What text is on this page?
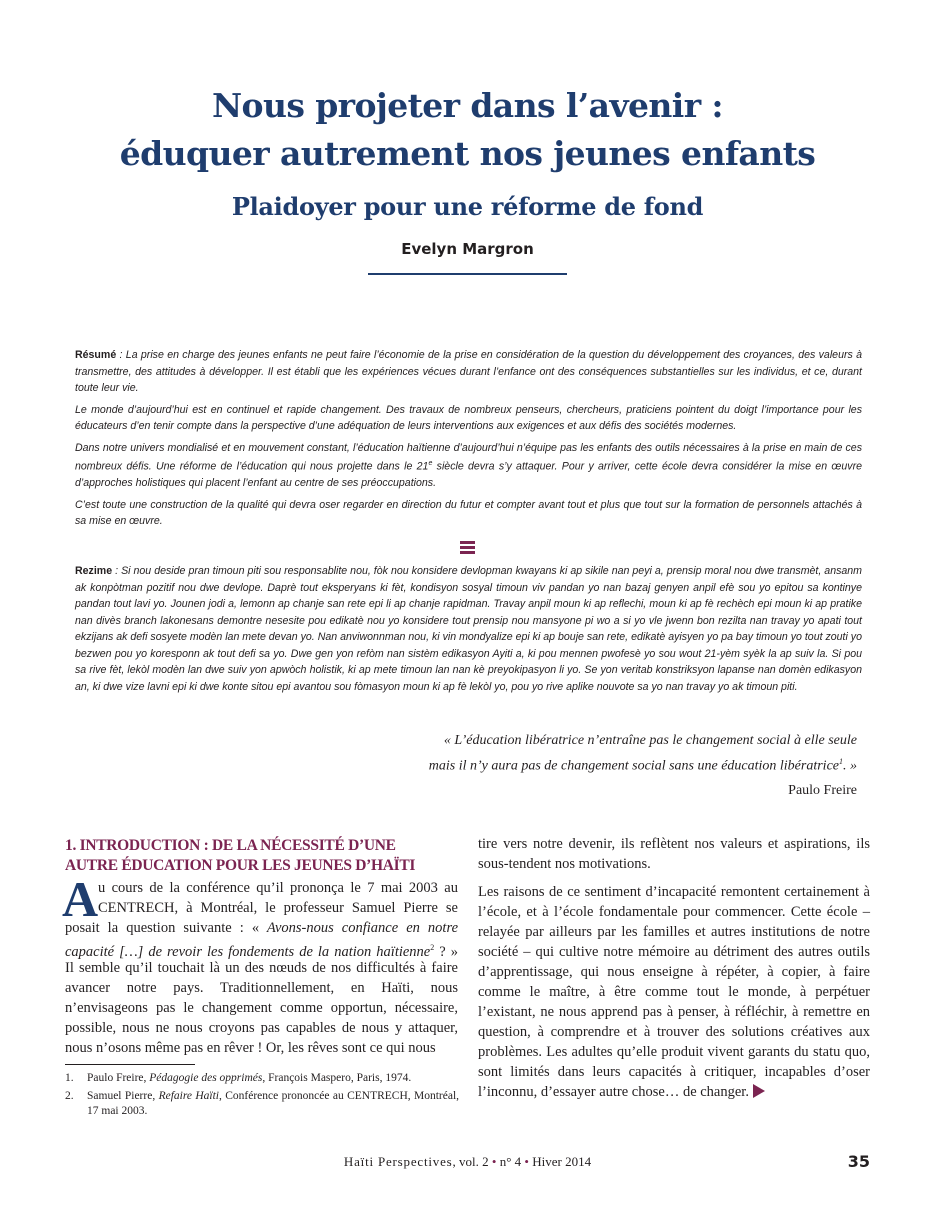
Nous projeter dans l’avenir :
éduquer autrement nos jeunes enfants
Plaidoyer pour une réforme de fond
Evelyn Margron

Résumé : La prise en charge des jeunes enfants ne peut faire l’économie de la prise en considération de la question du développement des croyances, des valeurs à transmettre, des attitudes à développer. Il est établi que les expériences vécues durant l’enfance ont des conséquences substantielles sur les individus, et ce, durant toute leur vie.

Le monde d’aujourd’hui est en continuel et rapide changement. Des travaux de nombreux penseurs, chercheurs, praticiens pointent du doigt l’importance pour les éducateurs d’en tenir compte dans la perspective d’une adéquation de leurs interventions aux exigences et aux défis des sociétés modernes.

Dans notre univers mondialisé et en mouvement constant, l’éducation haïtienne d’aujourd’hui n’équipe pas les enfants des outils nécessaires à la prise en main de ces nombreux défis. Une réforme de l’éducation qui nous projette dans le 21e siècle devra s’y attaquer. Pour y arriver, cette école devra considérer la mise en œuvre d’approches holistiques qui placent l’enfant au centre de ses préoccupations.

C’est toute une construction de la qualité qui devra oser regarder en direction du futur et compter avant tout et plus que tout sur la formation de personnels attachés à sa mise en œuvre.

Rezime : Si nou deside pran timoun piti sou responsablite nou, fòk nou konsidere devlopman kwayans ki ap sikile nan peyi a, prensip moral nou dwe transmèt, ansanm ak konpòtman pozitif nou dwe devlope. Daprè tout eksperyans ki fèt, kondisyon sosyal timoun viv pandan yo nan bazaj genyen anpil efè sou yo epitou sa kontinye pandan tout lavi yo. Jounen jodi a, lemonn ap chanje san rete epi li ap chanje rapidman. Travay anpil moun ki ap reflechi, moun ki ap fè rechèch epi moun ki ap pratike nan divès branch lakonesans demontre nesesite pou edikatè nou yo konsidere tout prensip nou mansyone pi wo a si yo vle jwenn bon rezilta nan travay yo apati tout ekzijans ak defi sosyete modèn lan mete devan yo. Nan anviwonnman nou, ki vin mondyalize epi ki ap bouje san rete, edikatè ayisyen yo pa bay timoun yo tout zouti yo bezwen pou yo koresponn ak tout defi sa yo. Dwe gen yon refòm nan sistèm edikasyon Ayiti a, ki pou mennen pwofesè yo sou wout 21-yèm syèk la ap suiv la. Si pou sa rive fèt, lekòl modèn lan dwe suiv yon apwòch holistik, ki ap mete timoun lan nan kè preyokipasyon li yo. Se yon veritab konstriksyon lapanse nan domèn edikasyon an, ki dwe vize lavni epi ki dwe konte sitou epi avantou sou fòmasyon moun ki ap fè lekòl yo, pou yo rive aplike nouvote sa yo nan travay yo ak timoun piti.

« L’éducation libératrice n’entraîne pas le changement social à elle seule
mais il n’y aura pas de changement social sans une éducation libératrice$^1$. »
Paulo Freire
1. INTRODUCTION : DE LA NÉCESSITÉ D’UNE
AUTRE ÉDUCATION POUR LES JEUNES D’HAÏTI
A u cours de la conférence qu’il prononça le 7 mai 2003 au
CENTRECH, à Montréal, le professeur Samuel Pierre se
posait la question suivante : « Avons-nous confiance en notre
capacité […] de revoir les fondements de la nation haïtienne$^2$ ? »

Il semble qu’il touchait là un des nœuds de nos difficultés à faire avancer notre pays. Traditionnellement, en Haïti, nous n’envisageons pas le changement comme opportun, nécessaire, possible, nous ne nous croyons pas capables de nous y attaquer, nous n’osons même pas en rêver ! Or, les rêves sont ce qui nous

1. Paulo Freire, Pédagogie des opprimés, François Maspero, Paris, 1974.
2. Samuel Pierre, Refaire Haïti, Conférence prononcée au CENTRECH, Montréal, 17 mai 2003.

tire vers notre devenir, ils reflètent nos valeurs et aspirations, ils sous-tendent nos motivations.

Les raisons de ce sentiment d’incapacité remontent certainement à l’école, et à l’école fondamentale pour commencer. Cette école – relayée par ailleurs par les familles et autres institutions de notre société – qui cultive notre mémoire au détriment des autres outils d’apprentissage, qui nous enseigne à répéter, à copier, à faire comme le maître, à être comme tout le monde, à perpétuer l’existant, ne nous apprend pas à penser, à réfléchir, à remettre en question, à comprendre et à trouver des solutions créatives aux problèmes. Les adultes qu’elle produit vivent garants du statu quo, sont limités dans leurs capacités à critiquer, incapables d’oser l’inconnu, d’essayer autre chose… de changer.

Haïti Perspectives, vol. 2 • n° 4 • Hiver 2014	35
